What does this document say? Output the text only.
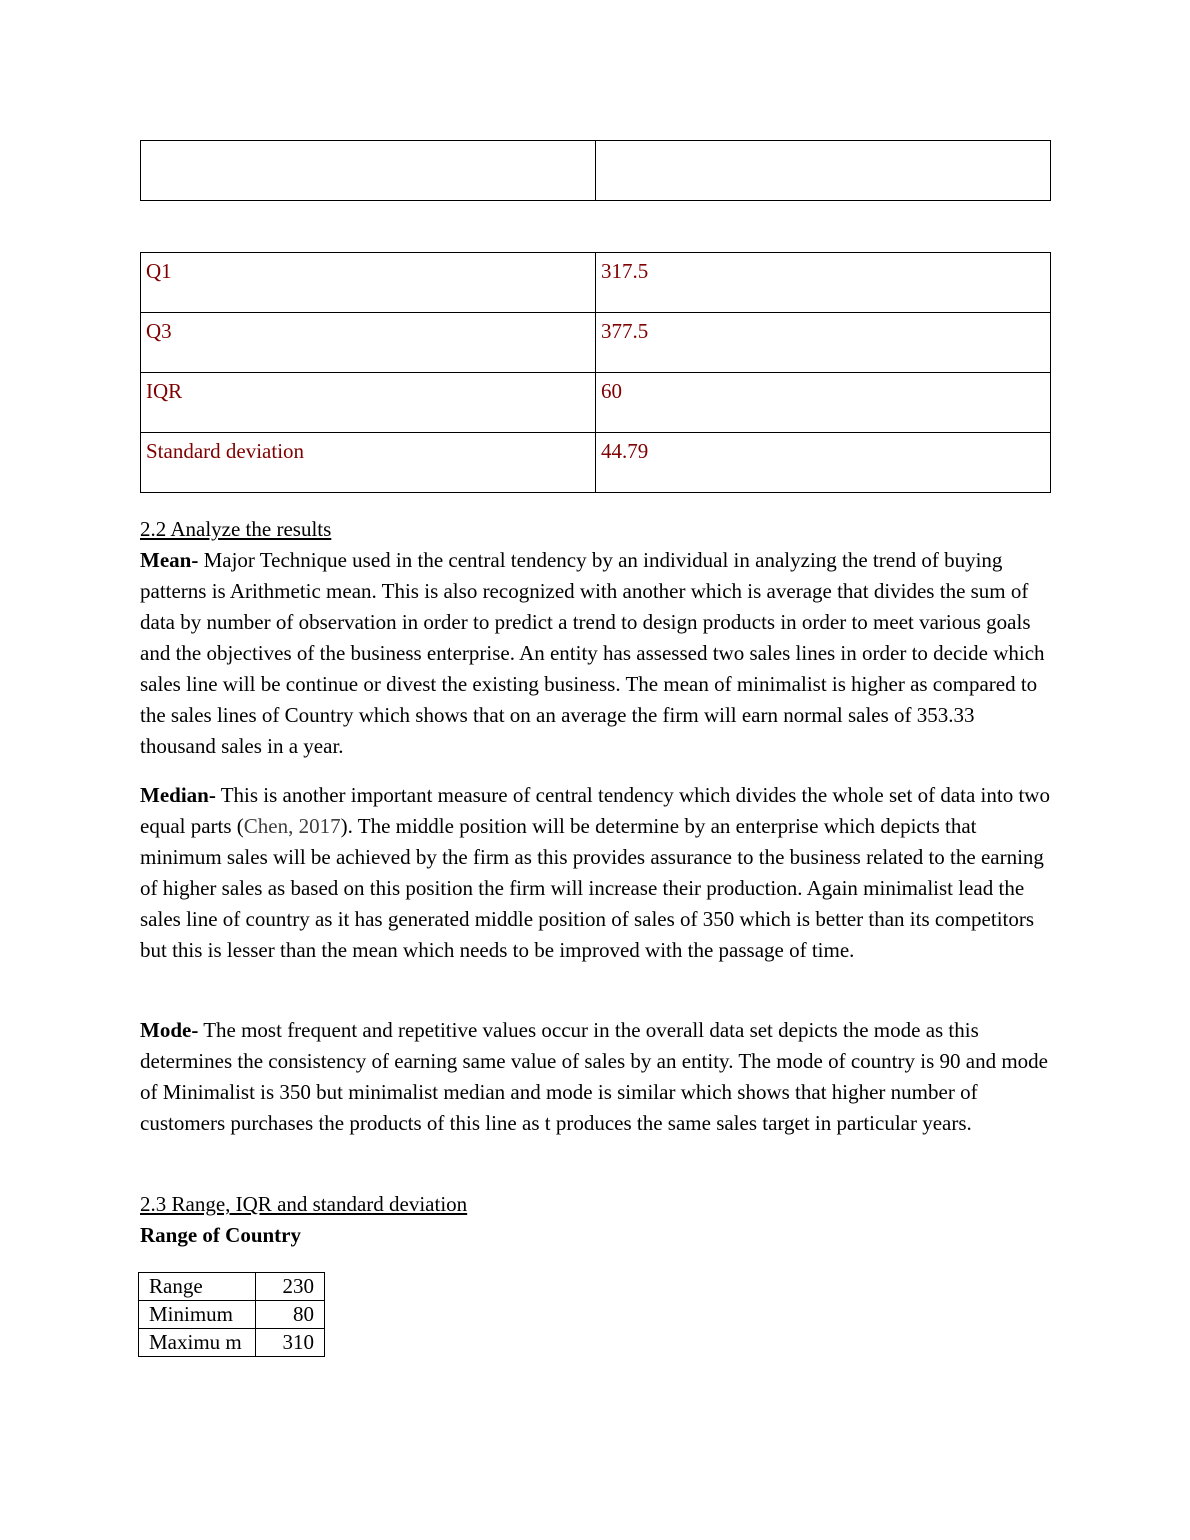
Q1	317.5
Q3	377.5
IQR	60
Standard deviation	44.79

2.2 Analyze the results

Mean- Major Technique used in the central tendency by an individual in analyzing the trend of buying patterns is Arithmetic mean. This is also recognized with another which is average that divides the sum of data by number of observation in order to predict a trend to design products in order to meet various goals and the objectives of the business enterprise. An entity has assessed two sales lines in order to decide which sales line will be continue or divest the existing business. The mean of minimalist is higher as compared to the sales lines of Country which shows that on an average the firm will earn normal sales of 353.33 thousand sales in a year.

Median- This is another important measure of central tendency which divides the whole set of data into two equal parts (Chen, 2017). The middle position will be determine by an enterprise which depicts that minimum sales will be achieved by the firm as this provides assurance to the business related to the earning of higher sales as based on this position the firm will increase their production. Again minimalist lead the sales line of country as it has generated middle position of sales of 350 which is better than its competitors but this is lesser than the mean which needs to be improved with the passage of time.

Mode- The most frequent and repetitive values occur in the overall data set depicts the mode as this determines the consistency of earning same value of sales by an entity. The mode of country is 90 and mode of Minimalist is 350 but minimalist median and mode is similar which shows that higher number of customers purchases the products of this line as t produces the same sales target in particular years.

2.3 Range, IQR and standard deviation

Range of Country

Range	230
Minimum	80
Maximu m	310
